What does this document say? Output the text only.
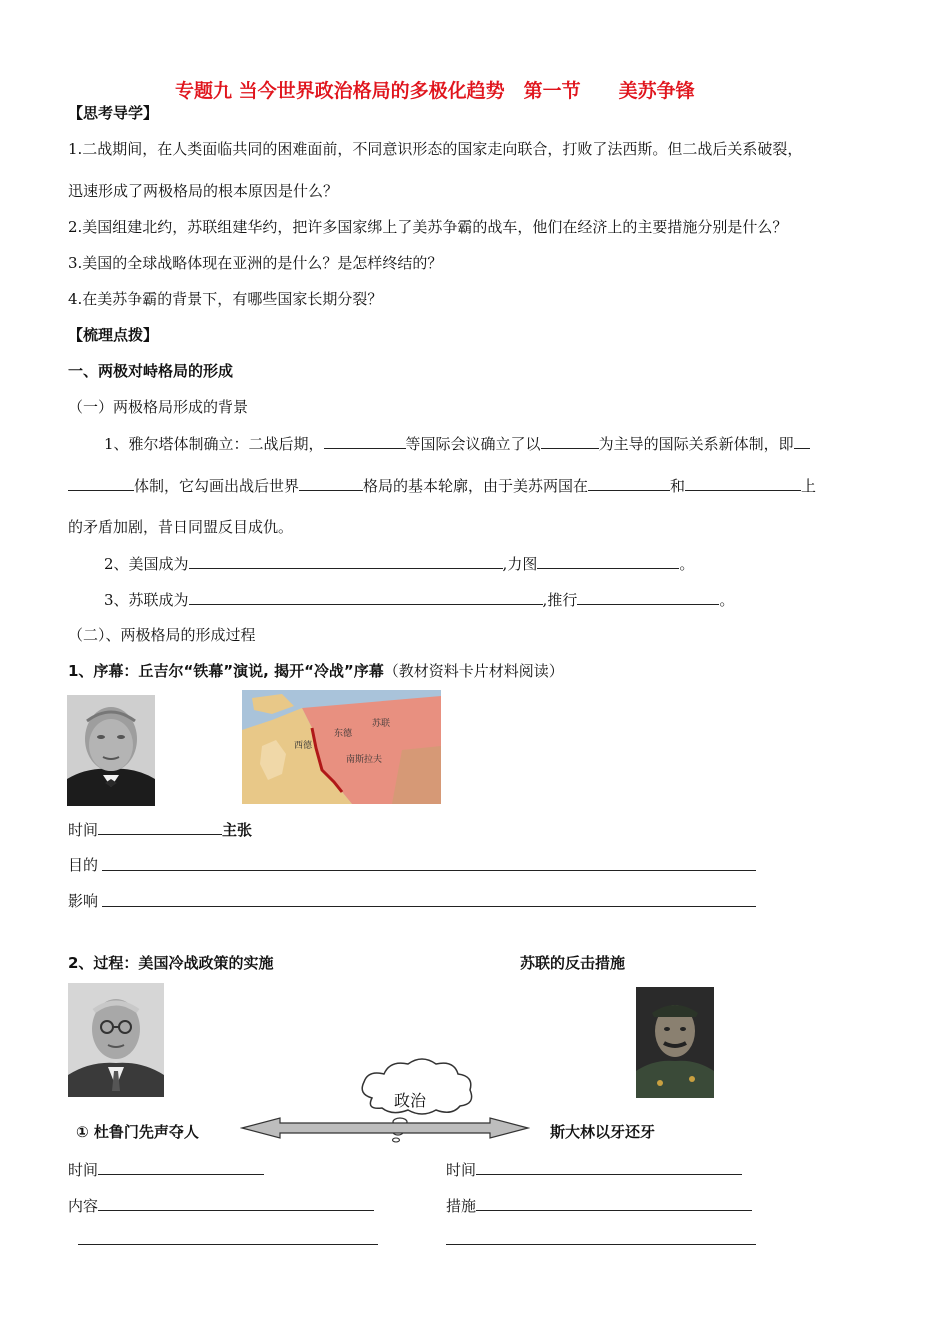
专题九 当今世界政治格局的多极化趋势　第一节　　美苏争锋
【思考导学】
1.二战期间，在人类面临共同的困难面前，不同意识形态的国家走向联合，打败了法西斯。但二战后关系破裂，
迅速形成了两极格局的根本原因是什么？
2.美国组建北约，苏联组建华约，把许多国家绑上了美苏争霸的战车，他们在经济上的主要措施分别是什么？
3.美国的全球战略体现在亚洲的是什么？是怎样终结的？
4.在美苏争霸的背景下，有哪些国家长期分裂？
【梳理点拨】
一、两极对峙格局的形成
（一）两极格局形成的背景
1、雅尔塔体制确立：二战后期，	等国际会议确立了以	为主导的国际关系新体制，即
体制，它勾画出战后世界	格局的基本轮廓，由于美苏两国在	和	上
的矛盾加剧，昔日同盟反目成仇。
2、美国成为	,力图	。
3、苏联成为	,推行	。
（二）、两极格局的形成过程
1、序幕：丘吉尔“铁幕”演说, 揭开“冷战”序幕（教材资料卡片材料阅读）
苏联
东德
西德
南斯拉夫
时间	主张
目的
影响
2、过程：美国冷战政策的实施	苏联的反击措施
政治
① 杜鲁门先声夺人	斯大林以牙还牙
时间	时间
内容	措施
